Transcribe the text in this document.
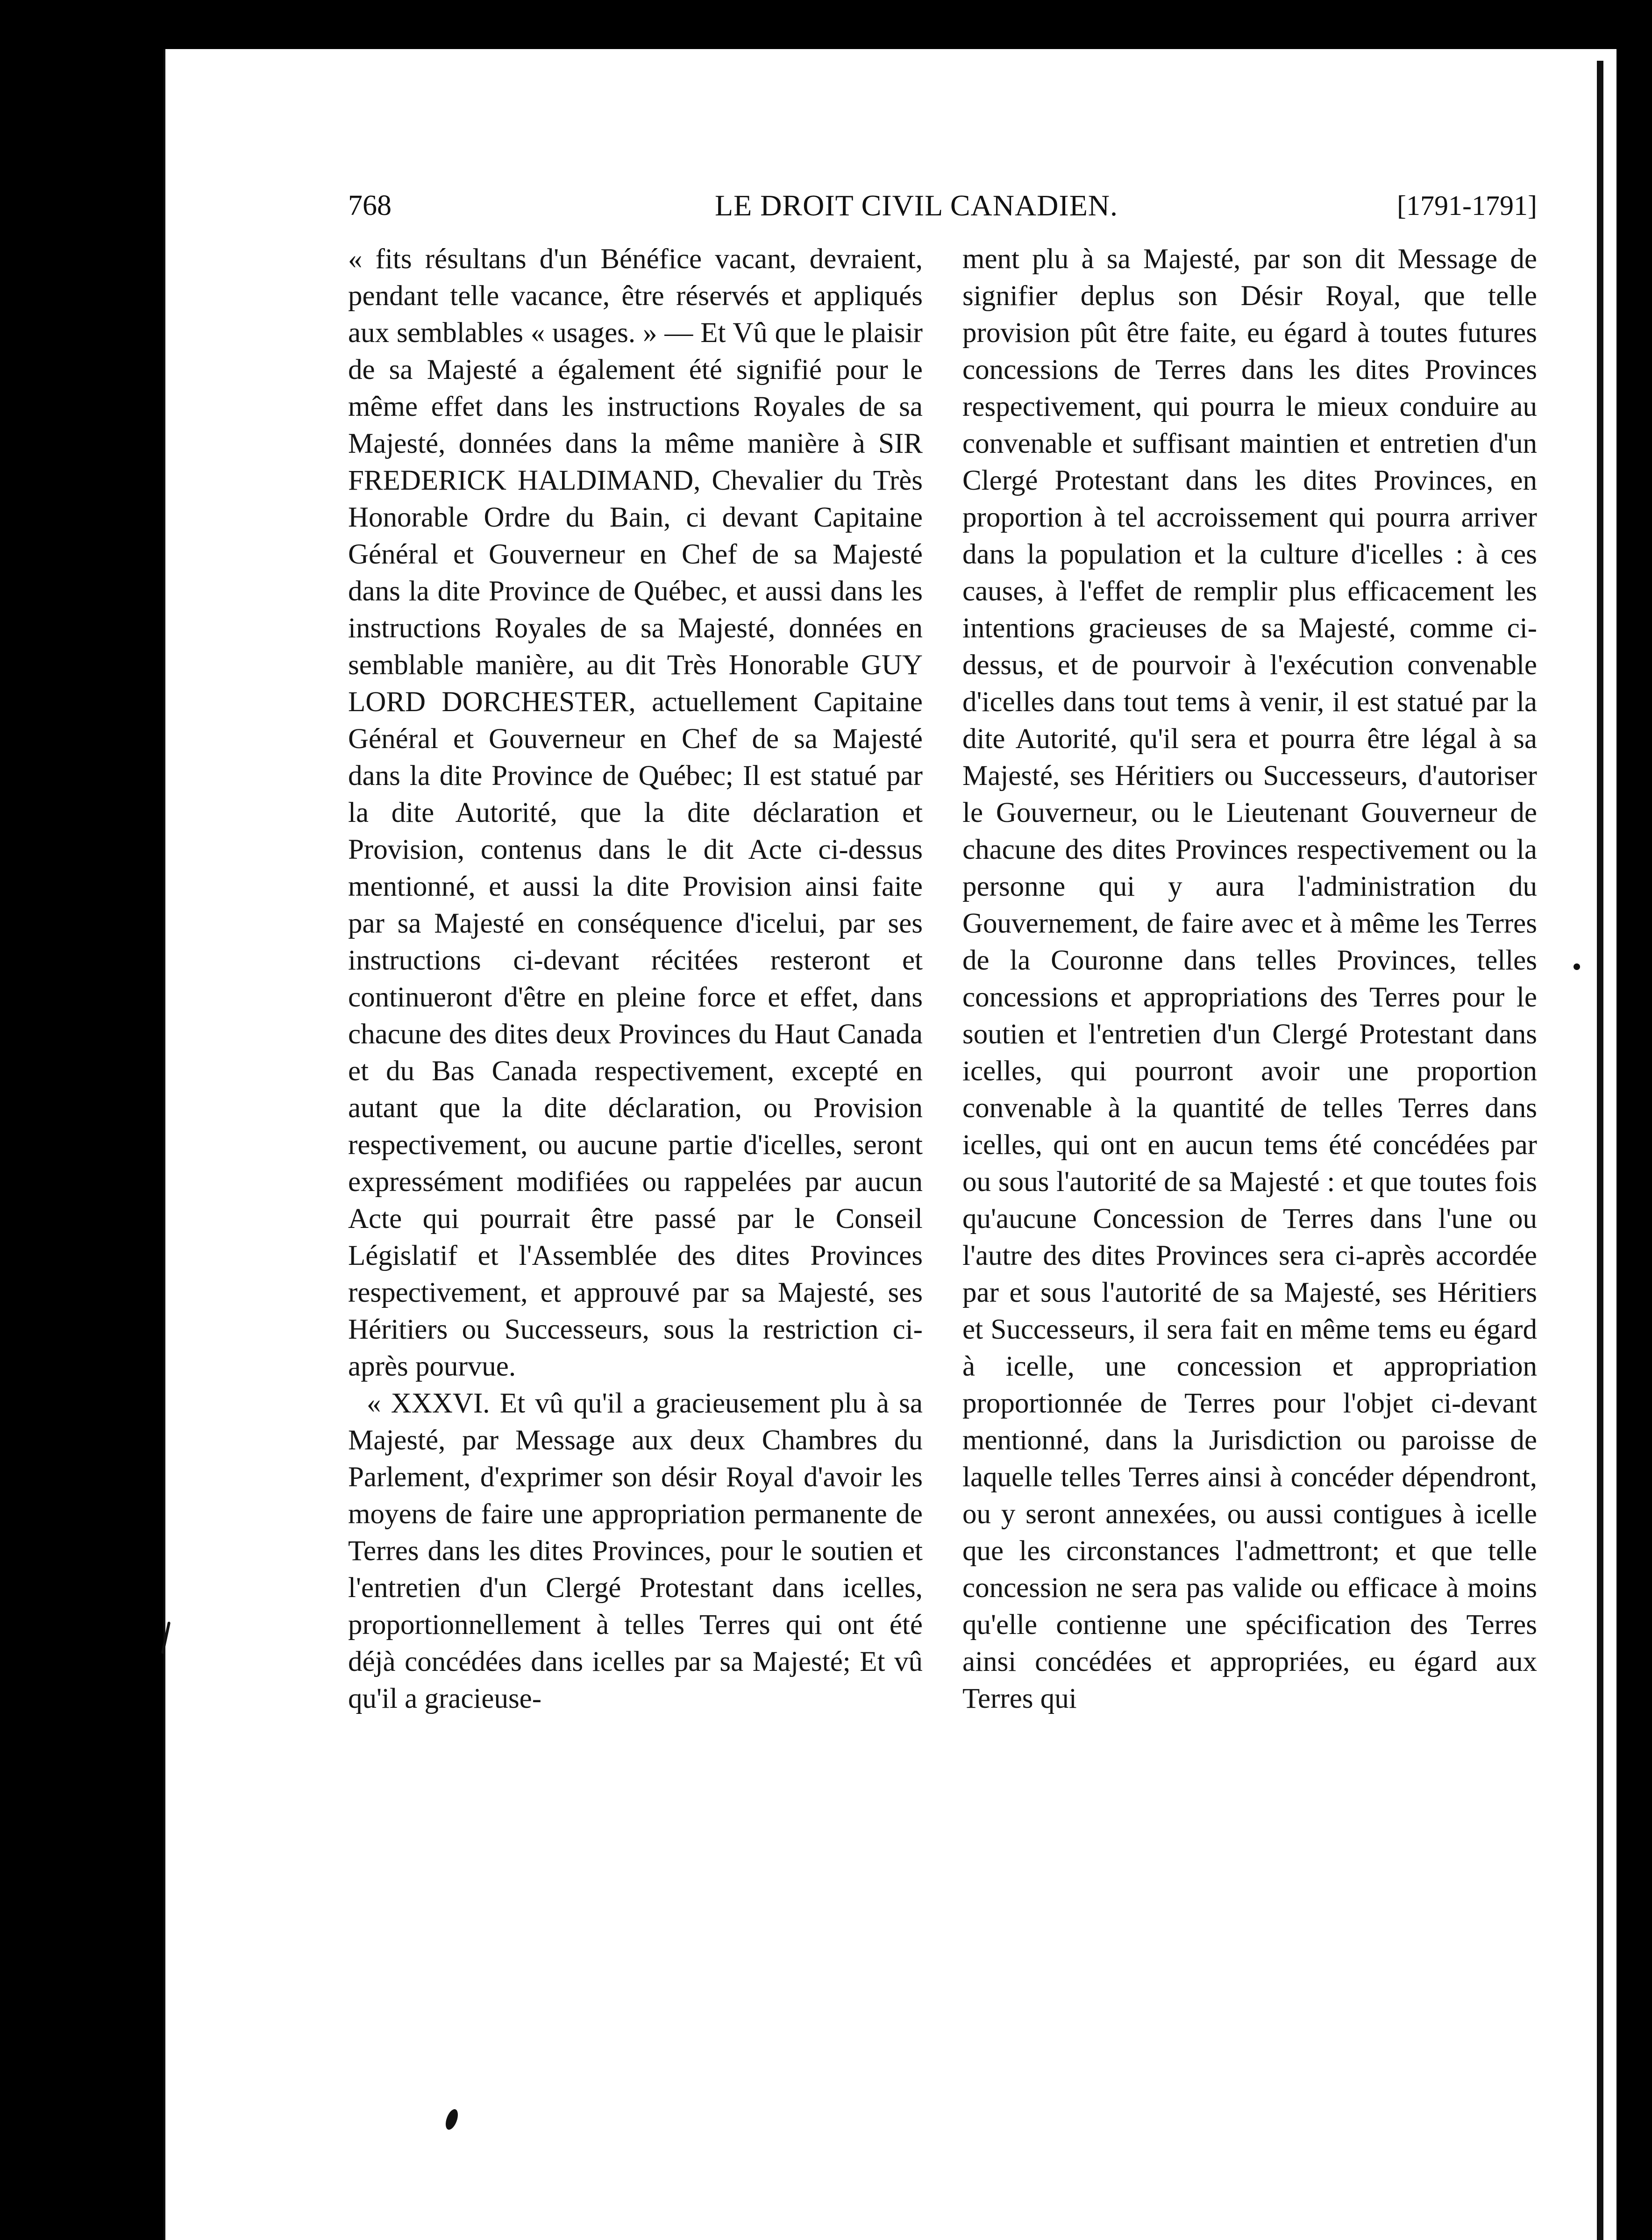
768	LE DROIT CIVIL CANADIEN.	[1791-1791]

« fits résultans d'un Bénéfice vacant, devraient, pendant telle vacance, être réservés et appliqués aux semblables « usages. » — Et Vû que le plaisir de sa Majesté a également été signifié pour le même effet dans les instructions Royales de sa Majesté, données dans la même manière à SIR FREDERICK HALDIMAND, Chevalier du Très Honorable Ordre du Bain, ci devant Capitaine Général et Gouverneur en Chef de sa Majesté dans la dite Province de Québec, et aussi dans les instructions Royales de sa Majesté, données en semblable manière, au dit Très Honorable GUY LORD DORCHESTER, actuellement Capitaine Général et Gouverneur en Chef de sa Majesté dans la dite Province de Québec; Il est statué par la dite Autorité, que la dite déclaration et Provision, contenus dans le dit Acte ci-dessus mentionné, et aussi la dite Provision ainsi faite par sa Majesté en conséquence d'icelui, par ses instructions ci-devant récitées resteront et continueront d'être en pleine force et effet, dans chacune des dites deux Provinces du Haut Canada et du Bas Canada respectivement, excepté en autant que la dite déclaration, ou Provision respectivement, ou aucune partie d'icelles, seront expressément modifiées ou rappelées par aucun Acte qui pourrait être passé par le Conseil Législatif et l'Assemblée des dites Provinces respectivement, et approuvé par sa Majesté, ses Héritiers ou Successeurs, sous la restriction ci-après pourvue.

« XXXVI. Et vû qu'il a gracieusement plu à sa Majesté, par Message aux deux Chambres du Parlement, d'exprimer son désir Royal d'avoir les moyens de faire une appropriation permanente de Terres dans les dites Provinces, pour le soutien et l'entretien d'un Clergé Protestant dans icelles, proportionnellement à telles Terres qui ont été déjà concédées dans icelles par sa Majesté; Et vû qu'il a gracieuse-

ment plu à sa Majesté, par son dit Message de signifier deplus son Désir Royal, que telle provision pût être faite, eu égard à toutes futures concessions de Terres dans les dites Provinces respectivement, qui pourra le mieux conduire au convenable et suffisant maintien et entretien d'un Clergé Protestant dans les dites Provinces, en proportion à tel accroissement qui pourra arriver dans la population et la culture d'icelles : à ces causes, à l'effet de remplir plus efficacement les intentions gracieuses de sa Majesté, comme ci-dessus, et de pourvoir à l'exécution convenable d'icelles dans tout tems à venir, il est statué par la dite Autorité, qu'il sera et pourra être légal à sa Majesté, ses Héritiers ou Successeurs, d'autoriser le Gouverneur, ou le Lieutenant Gouverneur de chacune des dites Provinces respectivement ou la personne qui y aura l'administration du Gouvernement, de faire avec et à même les Terres de la Couronne dans telles Provinces, telles concessions et appropriations des Terres pour le soutien et l'entretien d'un Clergé Protestant dans icelles, qui pourront avoir une proportion convenable à la quantité de telles Terres dans icelles, qui ont en aucun tems été concédées par ou sous l'autorité de sa Majesté : et que toutes fois qu'aucune Concession de Terres dans l'une ou l'autre des dites Provinces sera ci-après accordée par et sous l'autorité de sa Majesté, ses Héritiers et Successeurs, il sera fait en même tems eu égard à icelle, une concession et appropriation proportionnée de Terres pour l'objet ci-devant mentionné, dans la Jurisdiction ou paroisse de laquelle telles Terres ainsi à concéder dépendront, ou y seront annexées, ou aussi contigues à icelle que les circonstances l'admettront; et que telle concession ne sera pas valide ou efficace à moins qu'elle contienne une spécification des Terres ainsi concédées et appropriées, eu égard aux Terres qui
